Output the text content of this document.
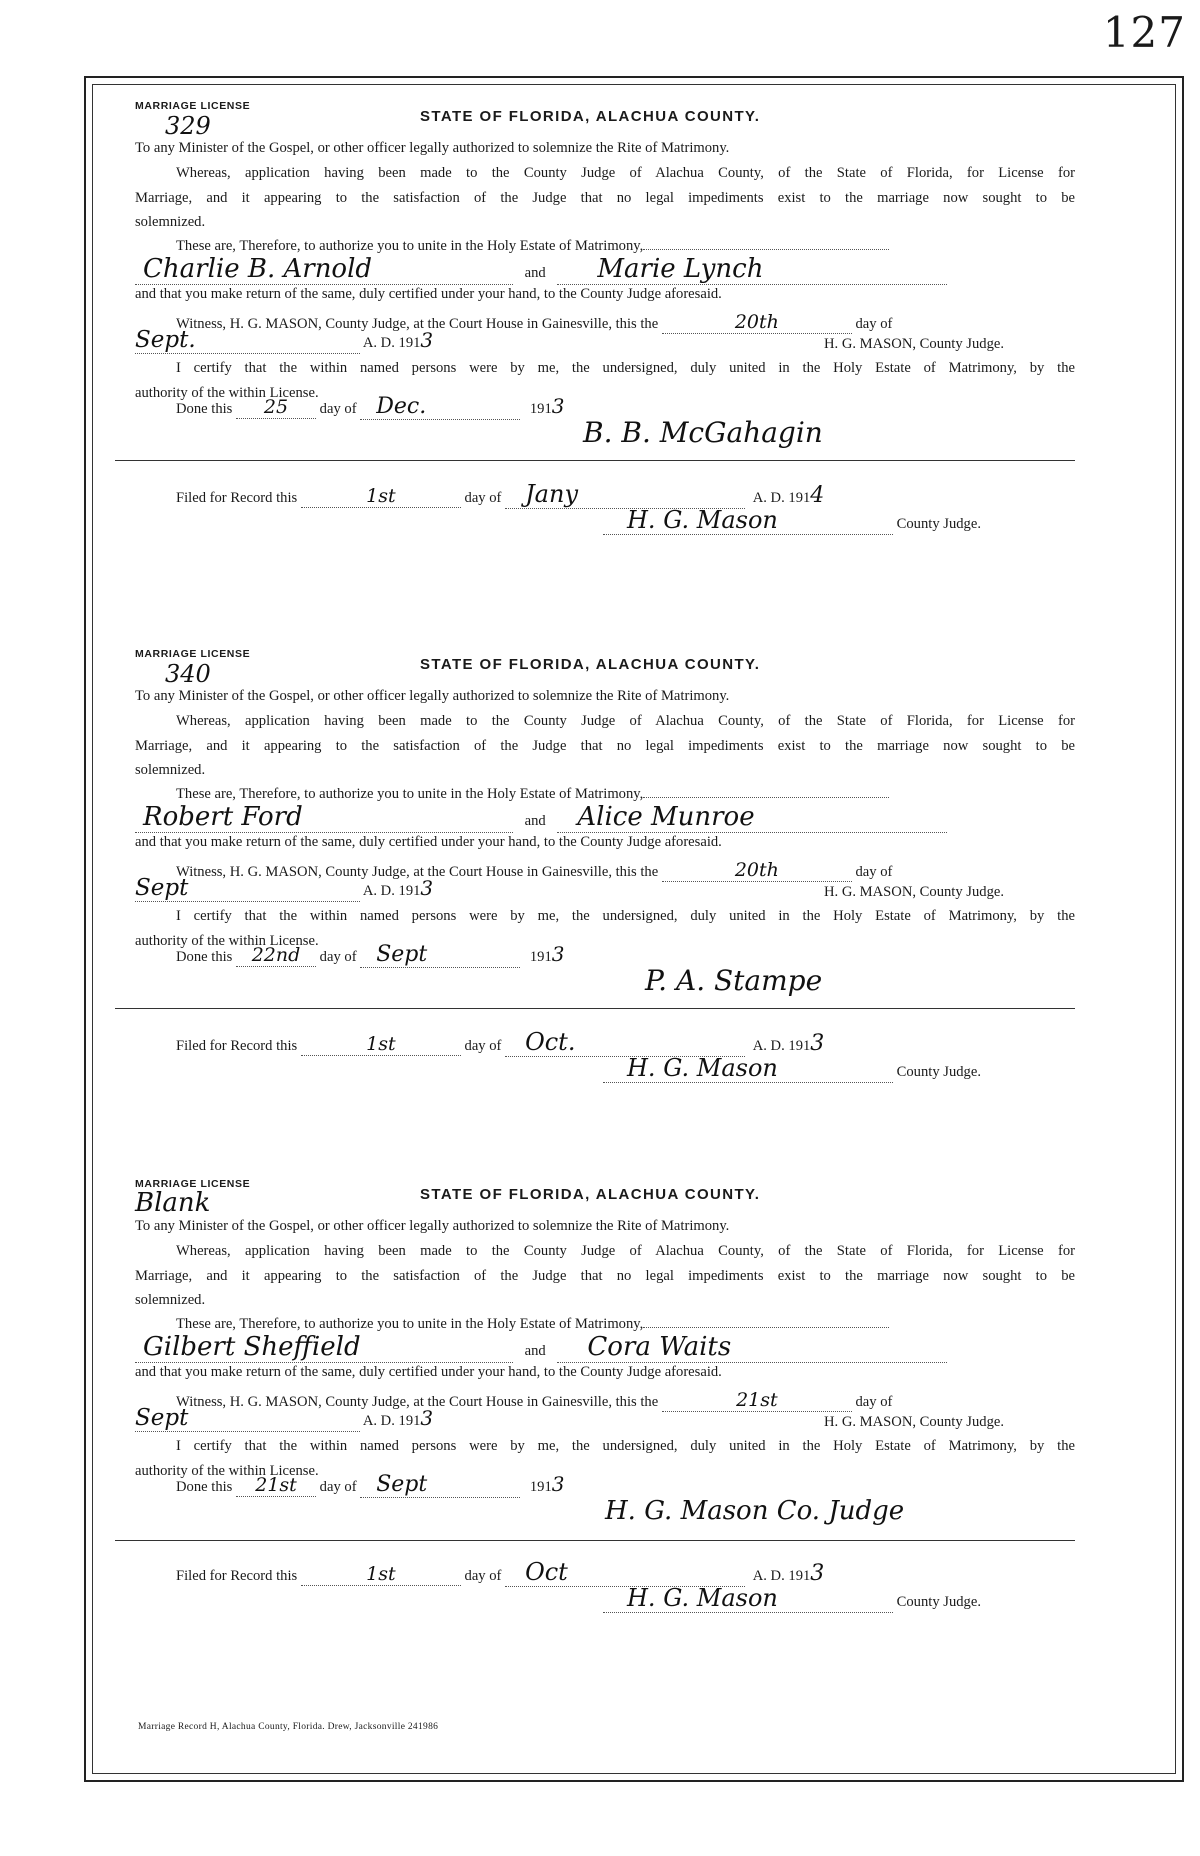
127
MARRIAGE LICENSE
STATE OF FLORIDA, ALACHUA COUNTY.
329
To any Minister of the Gospel, or other officer legally authorized to solemnize the Rite of Matrimony.
Whereas, application having been made to the County Judge of Alachua County, of the State of Florida, for License for
Marriage, and it appearing to the satisfaction of the Judge that no legal impediments exist to the marriage now sought to be
solemnized.
These are, Therefore, to authorize you to unite in the Holy Estate of Matrimony,
Charlie B. Arnold	and Marie Lynch
and that you make return of the same, duly certified under your hand, to the County Judge aforesaid.
Witness, H. G. MASON, County Judge, at the Court House in Gainesville, this the	20th	day of
Sept.	A. D. 1913	H. G. MASON, County Judge.
I certify that the within named persons were by me, the undersigned, duly united in the Holy Estate of Matrimony, by the
authority of the within License.
Done this 25 day of Dec.	1913
B. B. McGahagin
Filed for Record this	1st	day of Jany	A. D. 1914
H. G. Mason	County Judge.
MARRIAGE LICENSE
STATE OF FLORIDA, ALACHUA COUNTY.
340
To any Minister of the Gospel, or other officer legally authorized to solemnize the Rite of Matrimony.
Whereas, application having been made to the County Judge of Alachua County, of the State of Florida, for License for
Marriage, and it appearing to the satisfaction of the Judge that no legal impediments exist to the marriage now sought to be
solemnized.
These are, Therefore, to authorize you to unite in the Holy Estate of Matrimony,
Robert Ford	and Alice Munroe
and that you make return of the same, duly certified under your hand, to the County Judge aforesaid.
Witness, H. G. MASON, County Judge, at the Court House in Gainesville, this the	20th	day of
Sept	A. D. 1913	H. G. MASON, County Judge.
I certify that the within named persons were by me, the undersigned, duly united in the Holy Estate of Matrimony, by the
authority of the within License.
Done this 22nd day of Sept	1913
P. A. Stampe
Filed for Record this	1st	day of Oct.	A. D. 1913
H. G. Mason	County Judge.
MARRIAGE LICENSE
STATE OF FLORIDA, ALACHUA COUNTY.
Blank
To any Minister of the Gospel, or other officer legally authorized to solemnize the Rite of Matrimony.
Whereas, application having been made to the County Judge of Alachua County, of the State of Florida, for License for
Marriage, and it appearing to the satisfaction of the Judge that no legal impediments exist to the marriage now sought to be
solemnized.
These are, Therefore, to authorize you to unite in the Holy Estate of Matrimony,
Gilbert Sheffield	and Cora Waits
and that you make return of the same, duly certified under your hand, to the County Judge aforesaid.
Witness, H. G. MASON, County Judge, at the Court House in Gainesville, this the	21st	day of
Sept	A. D. 1913	H. G. MASON, County Judge.
I certify that the within named persons were by me, the undersigned, duly united in the Holy Estate of Matrimony, by the
authority of the within License.
Done this 21st day of Sept	1913
H. G. Mason Co. Judge
Filed for Record this	1st	day of Oct	A. D. 1913
H. G. Mason	County Judge.
Marriage Record H, Alachua County, Florida. Drew, Jacksonville 241986
